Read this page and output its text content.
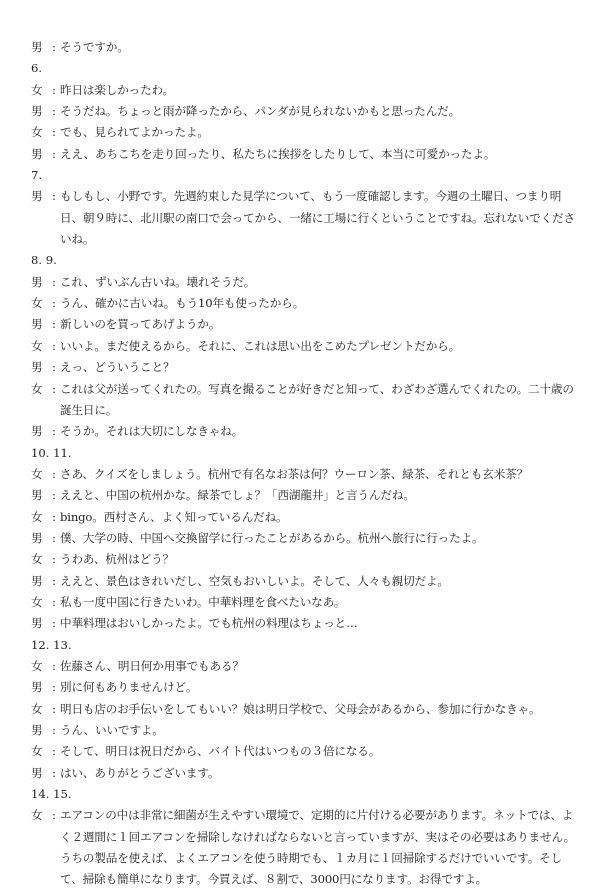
男 : そうですか。
6.
女 : 昨日は楽しかったわ。
男 : そうだね。ちょっと雨が降ったから、パンダが見られないかもと思ったんだ。
女 : でも、見られてよかったよ。
男 : ええ、あちこちを走り回ったり、私たちに挨拶をしたりして、本当に可愛かったよ。
7.
男 : もしもし、小野です。先週約束した見学について、もう一度確認します。今週の土曜日、つまり明日、朝９時に、北川駅の南口で会ってから、一緒に工場に行くということですね。忘れないでくださいね。
8. 9.
男 : これ、ずいぶん古いね。壊れそうだ。
女 : うん、確かに古いね。もう10年も使ったから。
男 : 新しいのを買ってあげようか。
女 : いいよ。まだ使えるから。それに、これは思い出をこめたプレゼントだから。
男 : えっ、どういうこと？
女 : これは父が送ってくれたの。写真を撮ることが好きだと知って、わざわざ選んでくれたの。二十歳の誕生日に。
男 : そうか。それは大切にしなきゃね。
10. 11.
女 : さあ、クイズをしましょう。杭州で有名なお茶は何？ウーロン茶、緑茶、それとも玄米茶？
男 : ええと、中国の杭州かな。緑茶でしょ？「西湖龍井」と言うんだね。
女 : bingo。西村さん、よく知っているんだね。
男 : 僕、大学の時、中国へ交換留学に行ったことがあるから。杭州へ旅行に行ったよ。
女 : うわあ、杭州はどう？
男 : ええと、景色はきれいだし、空気もおいしいよ。そして、人々も親切だよ。
女 : 私も一度中国に行きたいわ。中華料理を食べたいなあ。
男 : 中華料理はおいしかったよ。でも杭州の料理はちょっと…
12. 13.
女 : 佐藤さん、明日何か用事でもある？
男 : 別に何もありませんけど。
女 : 明日も店のお手伝いをしてもいい？娘は明日学校で、父母会があるから、参加に行かなきゃ。
男 : うん、いいですよ。
女 : そして、明日は祝日だから、バイト代はいつもの３倍になる。
男 : はい、ありがとうございます。
14. 15.
女 : エアコンの中は非常に細菌が生えやすい環境で、定期的に片付ける必要があります。ネットでは、よく２週間に１回エアコンを掃除しなければならないと言っていますが、実はその必要はありません。うちの製品を使えば、よくエアコンを使う時期でも、１カ月に１回掃除するだけでいいです。そして、掃除も簡単になります。今買えば、８割で、3000円になります。お得ですよ。
